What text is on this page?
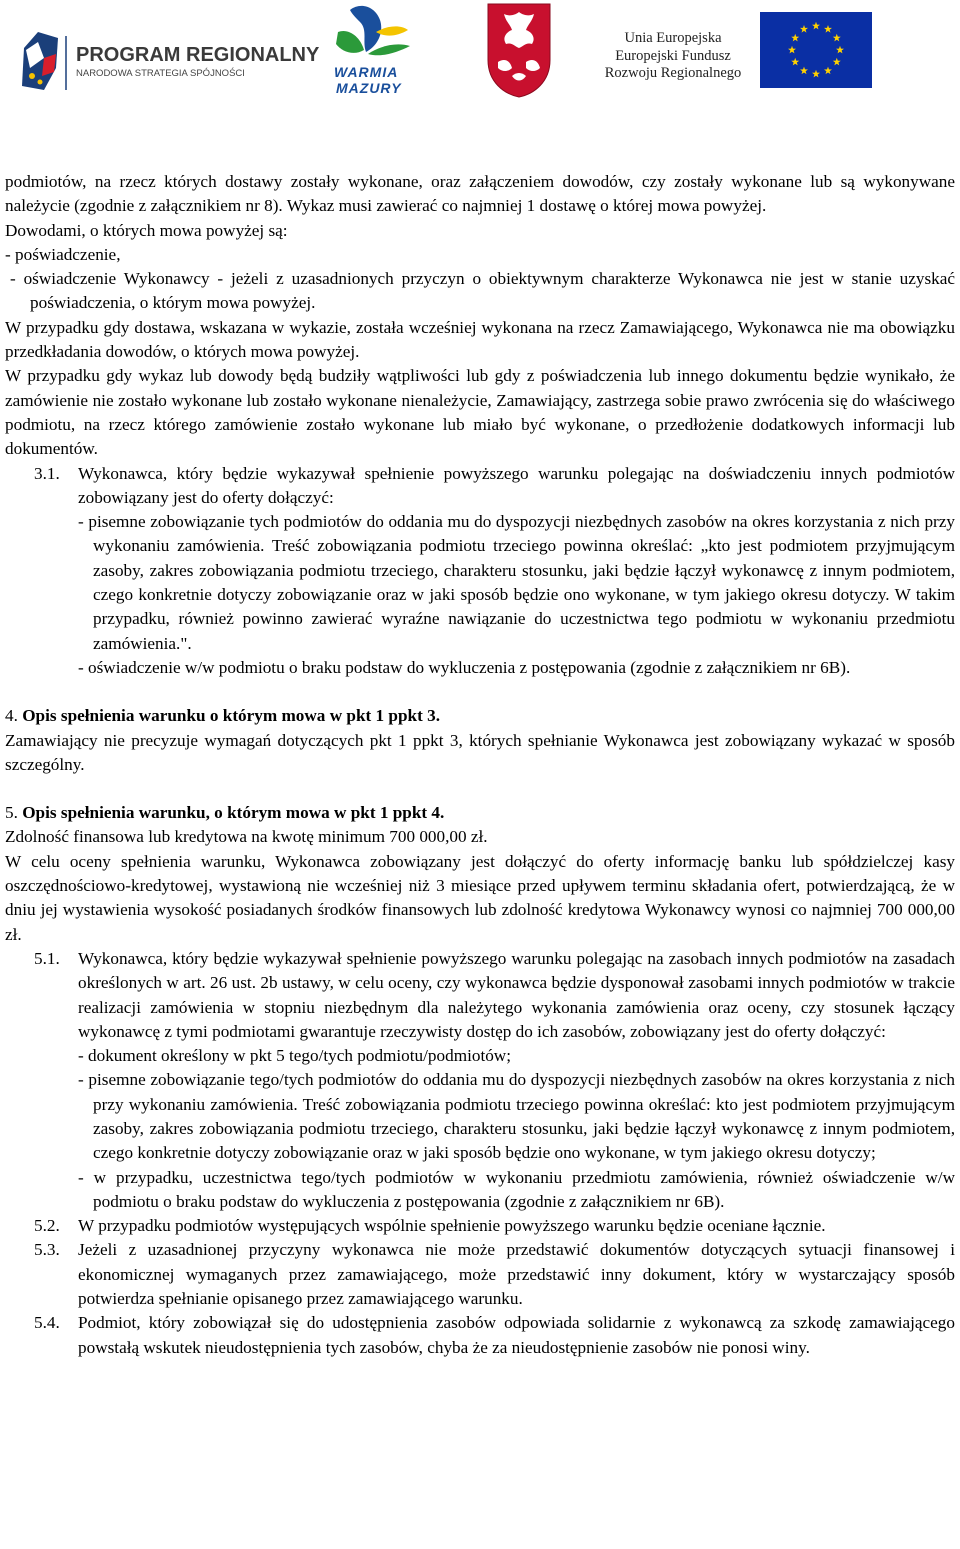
PROGRAM REGIONALNY
NARODOWA STRATEGIA SPÓJNOŚCI	WARMIA
MAZURY
Unia Europejska
Europejski Fundusz
Rozwoju Regionalnego

podmiotów, na rzecz których dostawy zostały wykonane, oraz załączeniem dowodów, czy zostały wykonane lub są wykonywane należycie (zgodnie z załącznikiem nr 8). Wykaz musi zawierać co najmniej 1 dostawę o której mowa powyżej.

Dowodami, o których mowa powyżej są:

- poświadczenie,

- oświadczenie Wykonawcy - jeżeli z uzasadnionych przyczyn o obiektywnym charakterze Wykonawca nie jest w stanie uzyskać poświadczenia, o którym mowa powyżej.

W przypadku gdy dostawa, wskazana w wykazie, została wcześniej wykonana na rzecz Zamawiającego, Wykonawca nie ma obowiązku przedkładania dowodów, o których mowa powyżej.

W przypadku gdy wykaz lub dowody będą budziły wątpliwości lub gdy z poświadczenia lub innego dokumentu będzie wynikało, że zamówienie nie zostało wykonane lub zostało wykonane nienależycie, Zamawiający, zastrzega sobie prawo zwrócenia się do właściwego podmiotu, na rzecz którego zamówienie zostało wykonane lub miało być wykonane, o przedłożenie dodatkowych informacji lub dokumentów.

3.1.	Wykonawca, który będzie wykazywał spełnienie powyższego warunku polegając na doświadczeniu innych podmiotów zobowiązany jest do oferty dołączyć:

- pisemne zobowiązanie tych podmiotów do oddania mu do dyspozycji niezbędnych zasobów na okres korzystania z nich przy wykonaniu zamówienia. Treść zobowiązania podmiotu trzeciego powinna określać: „kto jest podmiotem przyjmującym zasoby, zakres zobowiązania podmiotu trzeciego, charakteru stosunku, jaki będzie łączył wykonawcę z innym podmiotem, czego konkretnie dotyczy zobowiązanie oraz w jaki sposób będzie ono wykonane, w tym jakiego okresu dotyczy. W takim przypadku, również powinno zawierać wyraźne nawiązanie do uczestnictwa tego podmiotu w wykonaniu przedmiotu zamówienia.".

- oświadczenie w/w podmiotu o braku podstaw do wykluczenia z postępowania (zgodnie z załącznikiem nr 6B).

4. Opis spełnienia warunku o którym mowa w pkt 1 ppkt 3.

Zamawiający nie precyzuje wymagań dotyczących pkt 1 ppkt 3, których spełnianie Wykonawca jest zobowiązany wykazać w sposób szczególny.

5. Opis spełnienia warunku, o którym mowa w pkt 1 ppkt 4.

Zdolność finansowa lub kredytowa na kwotę minimum 700 000,00 zł.

W celu oceny spełnienia warunku, Wykonawca zobowiązany jest dołączyć do oferty informację banku lub spółdzielczej kasy oszczędnościowo-kredytowej, wystawioną nie wcześniej niż 3 miesiące przed upływem terminu składania ofert, potwierdzającą, że w dniu jej wystawienia wysokość posiadanych środków finansowych lub zdolność kredytowa Wykonawcy wynosi co najmniej 700 000,00 zł.

5.1.	Wykonawca, który będzie wykazywał spełnienie powyższego warunku polegając na zasobach innych podmiotów na zasadach określonych w art. 26 ust. 2b ustawy, w celu oceny, czy wykonawca będzie dysponował zasobami innych podmiotów w trakcie realizacji zamówienia w stopniu niezbędnym dla należytego wykonania zamówienia oraz oceny, czy stosunek łączący wykonawcę z tymi podmiotami gwarantuje rzeczywisty dostęp do ich zasobów, zobowiązany jest do oferty dołączyć:

- dokument określony w pkt 5 tego/tych podmiotu/podmiotów;

- pisemne zobowiązanie tego/tych podmiotów do oddania mu do dyspozycji niezbędnych zasobów na okres korzystania z nich przy wykonaniu zamówienia. Treść zobowiązania podmiotu trzeciego powinna określać: kto jest podmiotem przyjmującym zasoby, zakres zobowiązania podmiotu trzeciego, charakteru stosunku, jaki będzie łączył wykonawcę z innym podmiotem, czego konkretnie dotyczy zobowiązanie oraz w jaki sposób będzie ono wykonane, w tym jakiego okresu dotyczy;

- w przypadku, uczestnictwa tego/tych podmiotów w wykonaniu przedmiotu zamówienia, również oświadczenie w/w podmiotu o braku podstaw do wykluczenia z postępowania (zgodnie z załącznikiem nr 6B).

5.2.	W przypadku podmiotów występujących wspólnie spełnienie powyższego warunku będzie oceniane łącznie.
5.3.	Jeżeli z uzasadnionej przyczyny wykonawca nie może przedstawić dokumentów dotyczących sytuacji finansowej i ekonomicznej wymaganych przez zamawiającego, może przedstawić inny dokument, który w wystarczający sposób potwierdza spełnianie opisanego przez zamawiającego warunku.
5.4.	Podmiot, który zobowiązał się do udostępnienia zasobów odpowiada solidarnie z wykonawcą za szkodę zamawiającego powstałą wskutek nieudostępnienia tych zasobów, chyba że za nieudostępnienie zasobów nie ponosi winy.
